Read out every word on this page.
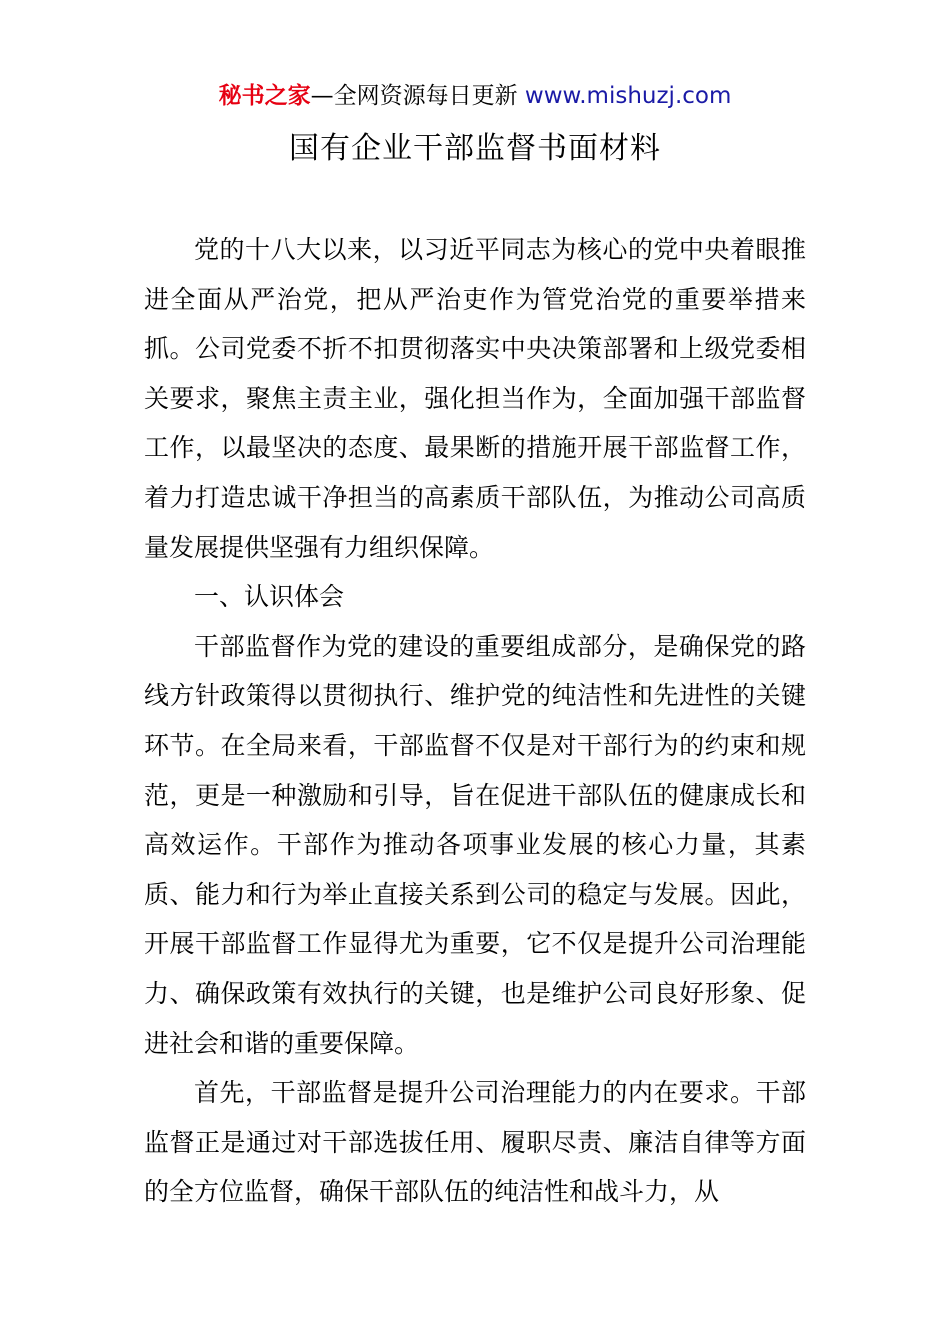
秘书之家—全网资源每日更新 www.mishuzj.com
国有企业干部监督书面材料

党的十八大以来，以习近平同志为核心的党中央着眼推进全面从严治党，把从严治吏作为管党治党的重要举措来抓。公司党委不折不扣贯彻落实中央决策部署和上级党委相关要求，聚焦主责主业，强化担当作为，全面加强干部监督工作，以最坚决的态度、最果断的措施开展干部监督工作，着力打造忠诚干净担当的高素质干部队伍，为推动公司高质量发展提供坚强有力组织保障。

一、认识体会

干部监督作为党的建设的重要组成部分，是确保党的路线方针政策得以贯彻执行、维护党的纯洁性和先进性的关键环节。在全局来看，干部监督不仅是对干部行为的约束和规范，更是一种激励和引导，旨在促进干部队伍的健康成长和高效运作。干部作为推动各项事业发展的核心力量，其素质、能力和行为举止直接关系到公司的稳定与发展。因此，开展干部监督工作显得尤为重要，它不仅是提升公司治理能力、确保政策有效执行的关键，也是维护公司良好形象、促进社会和谐的重要保障。

首先，干部监督是提升公司治理能力的内在要求。干部监督正是通过对干部选拔任用、履职尽责、廉洁自律等方面的全方位监督，确保干部队伍的纯洁性和战斗力，从
